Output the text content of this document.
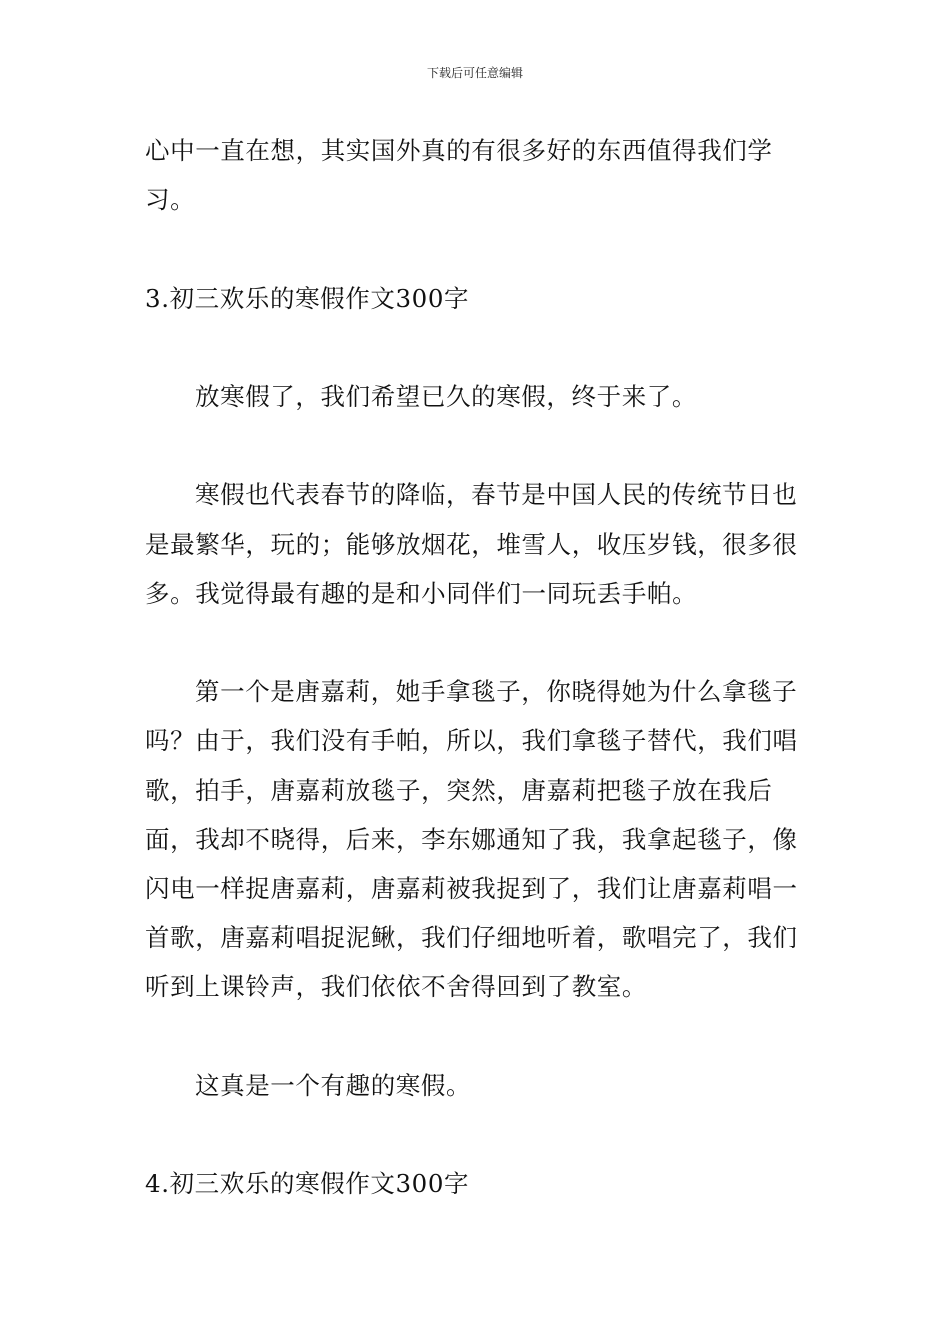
下载后可任意编辑

心中一直在想，其实国外真的有很多好的东西值得我们学习。

3.初三欢乐的寒假作文300字

放寒假了，我们希望已久的寒假，终于来了。

寒假也代表春节的降临，春节是中国人民的传统节日也是最繁华，玩的；能够放烟花，堆雪人，收压岁钱，很多很多。我觉得最有趣的是和小同伴们一同玩丢手帕。

第一个是唐嘉莉，她手拿毯子，你晓得她为什么拿毯子吗？由于，我们没有手帕，所以，我们拿毯子替代，我们唱歌，拍手，唐嘉莉放毯子，突然，唐嘉莉把毯子放在我后面，我却不晓得，后来，李东娜通知了我，我拿起毯子，像闪电一样捉唐嘉莉，唐嘉莉被我捉到了，我们让唐嘉莉唱一首歌，唐嘉莉唱捉泥鳅，我们仔细地听着，歌唱完了，我们听到上课铃声，我们依依不舍得回到了教室。

这真是一个有趣的寒假。

4.初三欢乐的寒假作文300字
